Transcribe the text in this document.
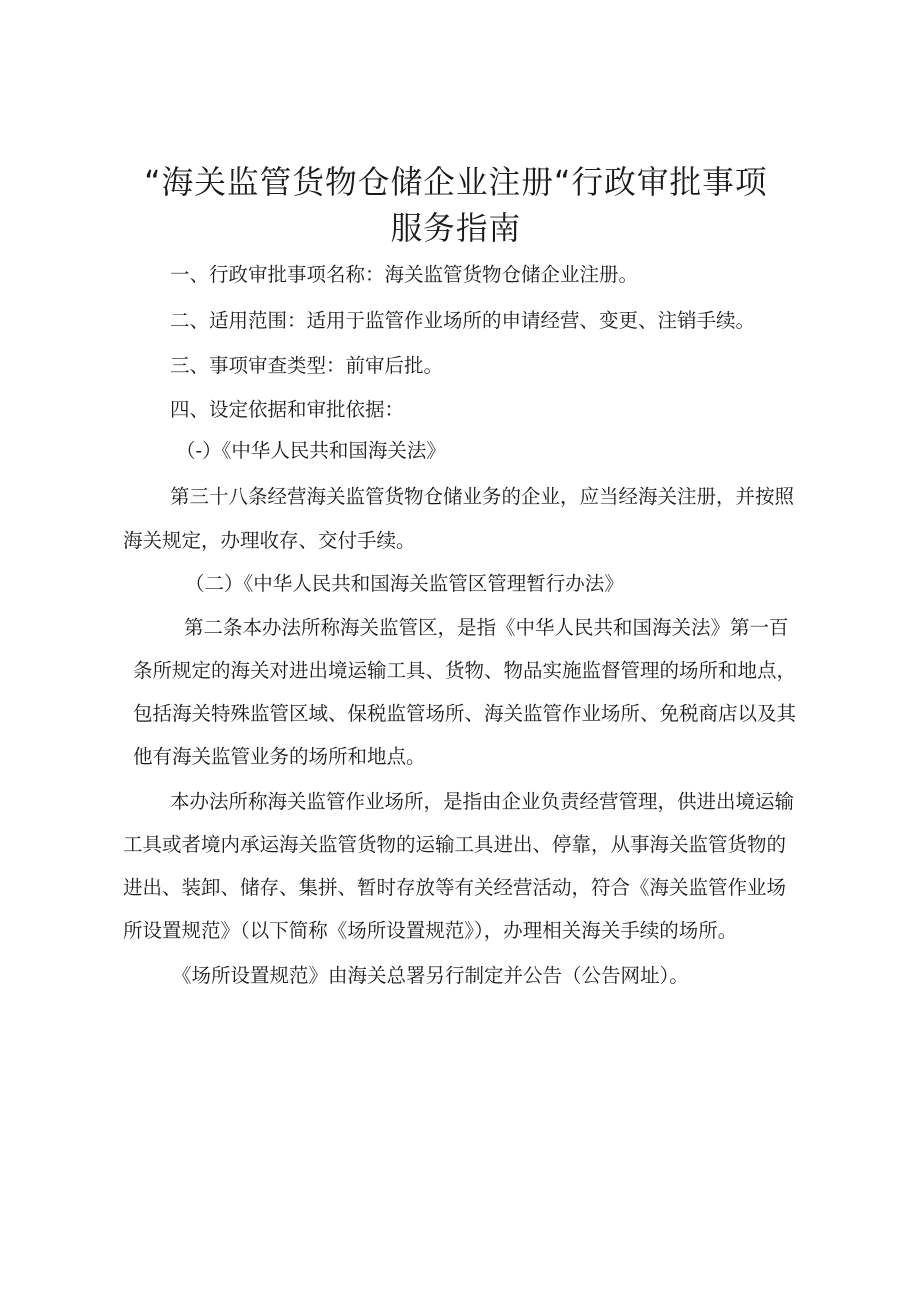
“海关监管货物仓储企业注册“行政审批事项
服务指南

一、行政审批事项名称：海关监管货物仓储企业注册。

二、适用范围：适用于监管作业场所的申请经营、变更、注销手续。

三、事项审查类型：前审后批。

四、设定依据和审批依据：

（-）《中华人民共和国海关法》

第三十八条经营海关监管货物仓储业务的企业，应当经海关注册，并按照

海关规定，办理收存、交付手续。

（二）《中华人民共和国海关监管区管理暂行办法》

第二条本办法所称海关监管区，是指《中华人民共和国海关法》第一百

条所规定的海关对进出境运输工具、货物、物品实施监督管理的场所和地点，

包括海关特殊监管区域、保税监管场所、海关监管作业场所、免税商店以及其

他有海关监管业务的场所和地点。

本办法所称海关监管作业场所，是指由企业负责经营管理，供进出境运输

工具或者境内承运海关监管货物的运输工具进出、停靠，从事海关监管货物的

进出、装卸、储存、集拼、暂时存放等有关经营活动，符合《海关监管作业场

所设置规范》（以下简称《场所设置规范》），办理相关海关手续的场所。

《场所设置规范》由海关总署另行制定并公告（公告网址）。
